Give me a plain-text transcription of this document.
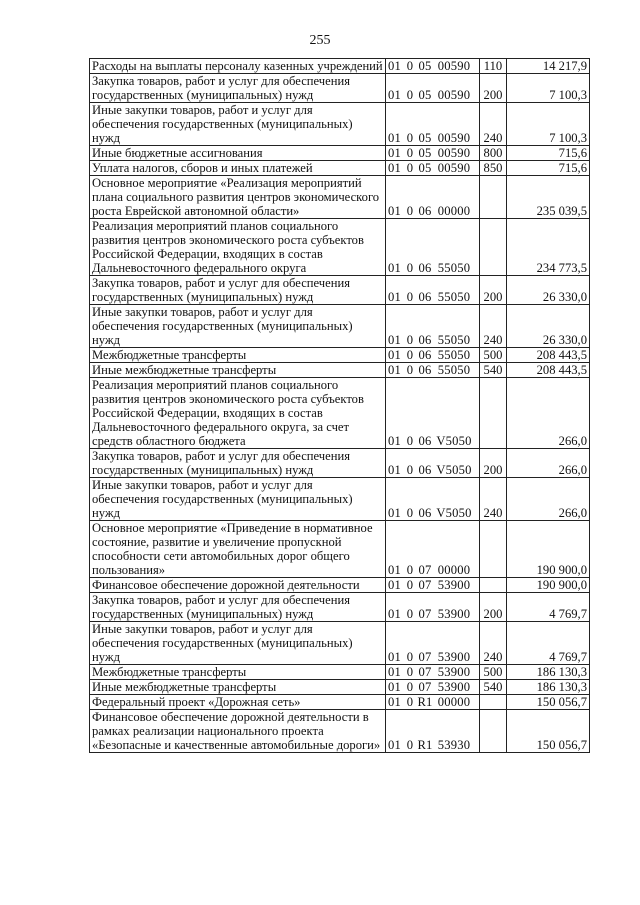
255
Расходы на выплаты персоналу казенных учреждений	01 0 05 00590	110	14 217,9
Закупка товаров, работ и услуг для обеспечения государственных (муниципальных) нужд	01 0 05 00590	200	7 100,3
Иные закупки товаров, работ и услуг для обеспечения государственных (муниципальных) нужд	01 0 05 00590	240	7 100,3
Иные бюджетные ассигнования	01 0 05 00590	800	715,6
Уплата налогов, сборов и иных платежей	01 0 05 00590	850	715,6
Основное мероприятие «Реализация мероприятий плана социального развития центров экономического роста Еврейской автономной области»	01 0 06 00000		235 039,5
Реализация мероприятий планов социального развития центров экономического роста субъектов Российской Федерации, входящих в состав Дальневосточного федерального округа	01 0 06 55050		234 773,5
Закупка товаров, работ и услуг для обеспечения государственных (муниципальных) нужд	01 0 06 55050	200	26 330,0
Иные закупки товаров, работ и услуг для обеспечения государственных (муниципальных) нужд	01 0 06 55050	240	26 330,0
Межбюджетные трансферты	01 0 06 55050	500	208 443,5
Иные межбюджетные трансферты	01 0 06 55050	540	208 443,5
Реализация мероприятий планов социального развития центров экономического роста субъектов Российской Федерации, входящих в состав Дальневосточного федерального округа, за счет средств областного бюджета	01 0 06 V5050		266,0
Закупка товаров, работ и услуг для обеспечения государственных (муниципальных) нужд	01 0 06 V5050	200	266,0
Иные закупки товаров, работ и услуг для обеспечения государственных (муниципальных) нужд	01 0 06 V5050	240	266,0
Основное мероприятие «Приведение в нормативное состояние, развитие и увеличение пропускной способности сети автомобильных дорог общего пользования»	01 0 07 00000		190 900,0
Финансовое обеспечение дорожной деятельности	01 0 07 53900		190 900,0
Закупка товаров, работ и услуг для обеспечения государственных (муниципальных) нужд	01 0 07 53900	200	4 769,7
Иные закупки товаров, работ и услуг для обеспечения государственных (муниципальных) нужд	01 0 07 53900	240	4 769,7
Межбюджетные трансферты	01 0 07 53900	500	186 130,3
Иные межбюджетные трансферты	01 0 07 53900	540	186 130,3
Федеральный проект «Дорожная сеть»	01 0 R1 00000		150 056,7
Финансовое обеспечение дорожной деятельности в рамках реализации национального проекта «Безопасные и качественные автомобильные дороги»	01 0 R1 53930		150 056,7
